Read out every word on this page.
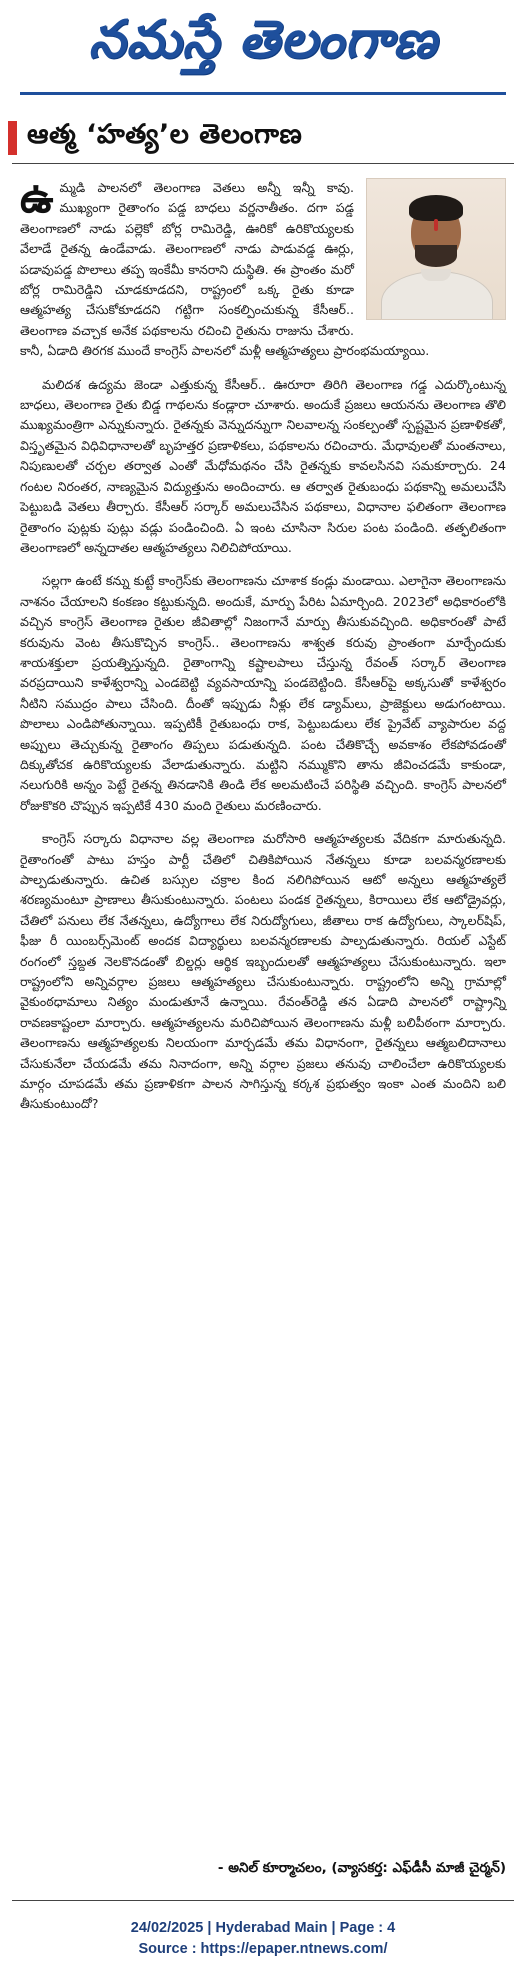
నమస్తే తెలంగాణ
ఆత్మ ‘హత్య’ల తెలంగాణ

ఉమ్మడి పాలనలో తెలంగాణ వెతలు అన్నీ ఇన్నీ కావు. ముఖ్యంగా రైతాంగం పడ్డ బాధలు వర్ణనాతీతం. దగా పడ్డ తెలంగాణలో నాడు పల్లెకో బోర్ల రామిరెడ్డి, ఊరికో ఉరికొయ్యలకు వేలాడే రైతన్న ఉండేవాడు. తెలంగాణలో నాడు పాడువడ్డ ఊర్లు, పడావుపడ్డ పొలాలు తప్ప ఇంకేమీ కానరాని దుస్థితి. ఈ ప్రాంతం మరో బోర్ల రామిరెడ్డిని చూడకూడదని, రాష్ట్రంలో ఒక్క రైతు కూడా ఆత్మహత్య చేసుకోకూడదని గట్టిగా సంకల్పించుకున్న కేసీఆర్.. తెలంగాణ వచ్చాక అనేక పథకాలను రచించి రైతును రాజును చేశారు. కానీ, ఏడాది తిరగక ముందే కాంగ్రెస్ పాలనలో మళ్లీ ఆత్మహత్యలు ప్రారంభమయ్యాయి.

మలిదశ ఉద్యమ జెండా ఎత్తుకున్న కేసీఆర్.. ఊరూరా తిరిగి తెలంగాణ గడ్డ ఎదుర్కొంటున్న బాధలు, తెలంగాణ రైతు బిడ్డ గాథలను కండ్లారా చూశారు. అందుకే ప్రజలు ఆయనను తెలంగాణ తొలి ముఖ్యమంత్రిగా ఎన్నుకున్నారు. రైతన్నకు వెన్నుదన్నుగా నిలవాలన్న సంకల్పంతో స్పష్టమైన ప్రణాళికతో, విస్తృతమైన విధివిధానాలతో బృహత్తర ప్రణాళికలు, పథకాలను రచించారు. మేధావులతో మంతనాలు, నిపుణులతో చర్చల తర్వాత ఎంతో మేధోమథనం చేసి రైతన్నకు కావలసినవి సమకూర్చారు. 24 గంటల నిరంతర, నాణ్యమైన విద్యుత్తును అందించారు. ఆ తర్వాత రైతుబంధు పథకాన్ని అమలుచేసి పెట్టుబడి వెతలు తీర్చారు. కేసీఆర్ సర్కార్ అమలుచేసిన పథకాలు, విధానాల ఫలితంగా తెలంగాణ రైతాంగం పుట్లకు పుట్లు వడ్లు పండించింది. ఏ ఇంట చూసినా సిరుల పంట పండింది. తత్ఫలితంగా తెలంగాణలో అన్నదాతల ఆత్మహత్యలు నిలిచిపోయాయి.

సల్లగా ఉంటే కన్ను కుట్టే కాంగ్రెస్‌కు తెలంగాణను చూశాక కండ్లు మండాయి. ఎలాగైనా తెలంగాణను నాశనం చేయాలని కంకణం కట్టుకున్నది. అందుకే, మార్పు పేరిట ఏమార్చింది. 2023లో అధికారంలోకి వచ్చిన కాంగ్రెస్ తెలంగాణ రైతుల జీవితాల్లో నిజంగానే మార్పు తీసుకువచ్చింది. అధికారంతో పాటే కరువును వెంట తీసుకొచ్చిన కాంగ్రెస్.. తెలంగాణను శాశ్వత కరువు ప్రాంతంగా మార్చేందుకు శాయశక్తులా ప్రయత్నిస్తున్నది. రైతాంగాన్ని కష్టాలపాలు చేస్తున్న రేవంత్ సర్కార్ తెలంగాణ వరప్రదాయిని కాళేశ్వరాన్ని ఎండబెట్టి వ్యవసాయాన్ని పండబెట్టింది. కేసీఆర్‌పై అక్కసుతో కాళేశ్వరం నీటిని సముద్రం పాలు చేసింది. దీంతో ఇప్పుడు నీళ్లు లేక డ్యామ్‌లు, ప్రాజెక్టులు అడుగంటాయి. పొలాలు ఎండిపోతున్నాయి. ఇప్పటికీ రైతుబంధు రాక, పెట్టుబడులు లేక ప్రైవేట్ వ్యాపారుల వద్ద అప్పులు తెచ్చుకున్న రైతాంగం తిప్పలు పడుతున్నది. పంట చేతికొచ్చే అవకాశం లేకపోవడంతో దిక్కుతోచక ఉరికొయ్యలకు వేలాడుతున్నారు. మట్టిని నమ్ముకొని తాను జీవించడమే కాకుండా, నలుగురికి అన్నం పెట్టే రైతన్న తినడానికి తిండి లేక అలమటించే పరిస్థితి వచ్చింది. కాంగ్రెస్ పాలనలో రోజుకొకరి చొప్పున ఇప్పటికే 430 మంది రైతులు మరణించారు.

కాంగ్రెస్ సర్కారు విధానాల వల్ల తెలంగాణ మరోసారి ఆత్మహత్యలకు వేదికగా మారుతున్నది. రైతాంగంతో పాటు హస్తం పార్టీ చేతిలో చితికిపోయిన నేతన్నలు కూడా బలవన్మరణాలకు పాల్పడుతున్నారు. ఉచిత బస్సుల చక్రాల కింద నలిగిపోయిన ఆటో అన్నలు ఆత్మహత్యలే శరణ్యమంటూ ప్రాణాలు తీసుకుంటున్నారు. పంటలు పండక రైతన్నలు, కిరాయిలు లేక ఆటోడ్రైవర్లు, చేతిలో పనులు లేక నేతన్నలు, ఉద్యోగాలు లేక నిరుద్యోగులు, జీతాలు రాక ఉద్యోగులు, స్కాలర్‌షిప్, ఫీజు రీ యింబర్స్‌మెంట్ అందక విద్యార్థులు బలవన్మరణాలకు పాల్పడుతున్నారు. రియల్ ఎస్టేట్ రంగంలో స్తబ్దత నెలకొనడంతో బిల్డర్లు ఆర్థిక ఇబ్బందులతో ఆత్మహత్యలు చేసుకుంటున్నారు. ఇలా రాష్ట్రంలోని అన్నివర్గాల ప్రజలు ఆత్మహత్యలు చేసుకుంటున్నారు. రాష్ట్రంలోని అన్ని గ్రామాల్లో వైకుంఠధామాలు నిత్యం మండుతూనే ఉన్నాయి. రేవంత్‌రెడ్డి తన ఏడాది పాలనలో రాష్ట్రాన్ని రావణకాష్టంలా మార్చారు. ఆత్మహత్యలను మరిచిపోయిన తెలంగాణను మళ్లీ బలిపీఠంగా మార్చారు. తెలంగాణను ఆత్మహత్యలకు నిలయంగా మార్చడమే తమ విధానంగా, రైతన్నలు ఆత్మబలిదానాలు చేసుకునేలా చేయడమే తమ నినాదంగా, అన్ని వర్గాల ప్రజలు తనువు చాలించేలా ఉరికొయ్యలకు మార్గం చూపడమే తమ ప్రణాళికగా పాలన సాగిస్తున్న కర్కశ ప్రభుత్వం ఇంకా ఎంత మందిని బలి తీసుకుంటుందో?

- అనిల్ కూర్మాచలం, (వ్యాసకర్త: ఎఫ్‌డీసీ మాజీ చైర్మన్)
24/02/2025 | Hyderabad Main | Page : 4
Source : https://epaper.ntnews.com/
